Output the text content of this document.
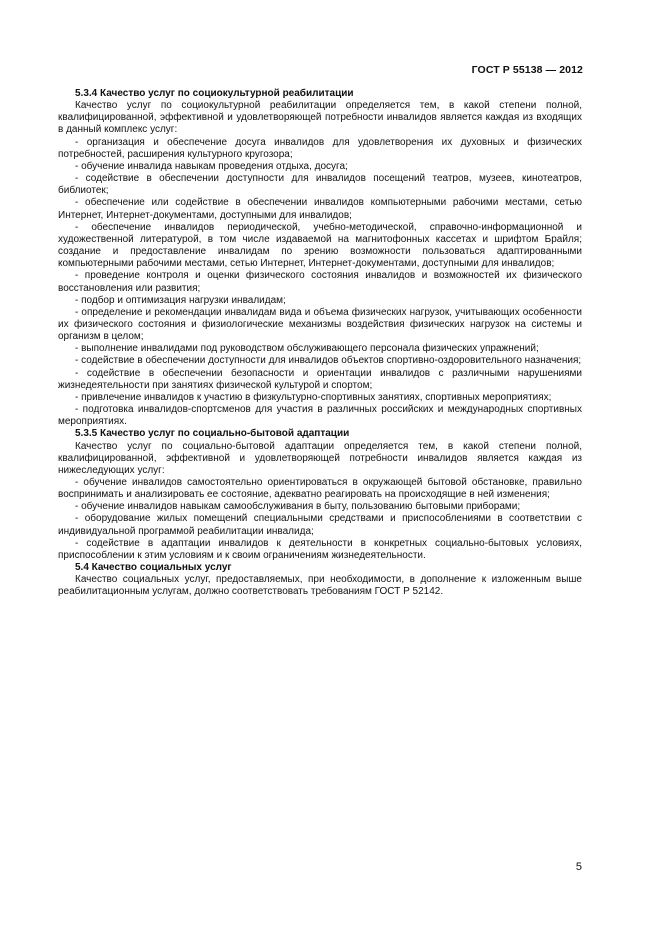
ГОСТ Р 55138 — 2012

5.3.4 Качество услуг по социокультурной реабилитации

Качество услуг по социокультурной реабилитации определяется тем, в какой степени полной, квалифицированной, эффективной и удовлетворяющей потребности инвалидов является каждая из входящих в данный комплекс услуг:

- организация и обеспечение досуга инвалидов для удовлетворения их духовных и физических потребностей, расширения культурного кругозора;

- обучение инвалида навыкам проведения отдыха, досуга;

- содействие в обеспечении доступности для инвалидов посещений театров, музеев, кинотеатров, библиотек;

- обеспечение или содействие в обеспечении инвалидов компьютерными рабочими местами, сетью Интернет, Интернет-документами, доступными для инвалидов;

- обеспечение инвалидов периодической, учебно-методической, справочно-информационной и художественной литературой, в том числе издаваемой на магнитофонных кассетах и шрифтом Брайля; создание и предоставление инвалидам по зрению возможности пользоваться адаптированными компьютерными рабочими местами, сетью Интернет, Интернет-документами, доступными для инвалидов;

- проведение контроля и оценки физического состояния инвалидов и возможностей их физического восстановления или развития;

- подбор и оптимизация нагрузки инвалидам;

- определение и рекомендации инвалидам вида и объема физических нагрузок, учитывающих особенности их физического состояния и физиологические механизмы воздействия физических нагрузок на системы и организм в целом;

- выполнение инвалидами под руководством обслуживающего персонала физических упражнений;

- содействие в обеспечении доступности для инвалидов объектов спортивно-оздоровительного назначения;

- содействие в обеспечении безопасности и ориентации инвалидов с различными нарушениями жизнедеятельности при занятиях физической культурой и спортом;

- привлечение инвалидов к участию в физкультурно-спортивных занятиях, спортивных мероприятиях;

- подготовка инвалидов-спортсменов для участия в различных российских и международных спортивных мероприятиях.

5.3.5 Качество услуг по социально-бытовой адаптации

Качество услуг по социально-бытовой адаптации определяется тем, в какой степени полной, квалифицированной, эффективной и удовлетворяющей потребности инвалидов является каждая из нижеследующих услуг:

- обучение инвалидов самостоятельно ориентироваться в окружающей бытовой обстановке, правильно воспринимать и анализировать ее состояние, адекватно реагировать на происходящие в ней изменения;

- обучение инвалидов навыкам самообслуживания в быту, пользованию бытовыми приборами;

- оборудование жилых помещений специальными средствами и приспособлениями в соответствии с индивидуальной программой реабилитации инвалида;

- содействие в адаптации инвалидов к деятельности в конкретных социально-бытовых условиях, приспособлении к этим условиям и к своим ограничениям жизнедеятельности.

5.4 Качество социальных услуг

Качество социальных услуг, предоставляемых, при необходимости, в дополнение к изложенным выше реабилитационным услугам, должно соответствовать требованиям ГОСТ Р 52142.

5
